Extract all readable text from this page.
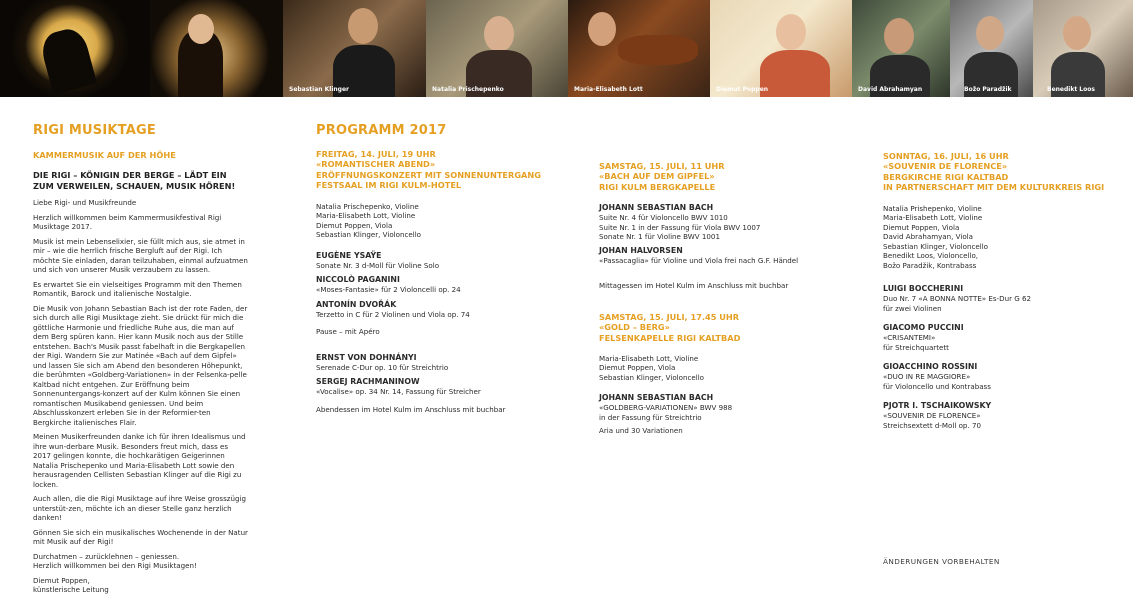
Sebastian Klinger	Natalia Prischepenko	Maria-Elisabeth Lott	Diemut Poppen	David Abrahamyan	Božo Paradžik	Benedikt Loos
RIGI MUSIKTAGE
KAMMERMUSIK AUF DER HÖHE
DIE RIGI – KÖNIGIN DER BERGE – LÄDT EIN ZUM VERWEILEN, SCHAUEN, MUSIK HÖREN!

Liebe Rigi- und Musikfreunde

Herzlich willkommen beim Kammermusikfestival Rigi Musiktage 2017.

Musik ist mein Lebenselixier, sie füllt mich aus, sie atmet in mir – wie die herrlich frische Bergluft auf der Rigi. Ich möchte Sie einladen, daran teilzuhaben, einmal aufzuatmen und sich von unserer Musik verzaubern zu lassen.

Es erwartet Sie ein vielseitiges Programm mit den Themen Romantik, Barock und italienische Nostalgie.

Die Musik von Johann Sebastian Bach ist der rote Faden, der sich durch alle Rigi Musiktage zieht. Sie drückt für mich die göttliche Harmonie und friedliche Ruhe aus, die man auf dem Berg spüren kann. Hier kann Musik noch aus der Stille entstehen. Bach's Musik passt fabelhaft in die Bergkapellen der Rigi. Wandern Sie zur Matinée «Bach auf dem Gipfel» und lassen Sie sich am Abend den besonderen Höhepunkt, die berühmten «Goldberg-Variationen» in der Felsenka-pelle Kaltbad nicht entgehen. Zur Eröffnung beim Sonnenuntergangs-konzert auf der Kulm können Sie einen romantischen Musikabend geniessen. Und beim Abschlusskonzert erleben Sie in der Reformier-ten Bergkirche italienisches Flair.

Meinen Musikerfreunden danke ich für ihren Idealismus und ihre wun-derbare Musik. Besonders freut mich, dass es 2017 gelingen konnte, die hochkarätigen Geigerinnen Natalia Prischepenko und Maria-Elisabeth Lott sowie den herausragenden Cellisten Sebastian Klinger auf die Rigi zu locken.

Auch allen, die die Rigi Musiktage auf ihre Weise grosszügig unterstüt-zen, möchte ich an dieser Stelle ganz herzlich danken!

Gönnen Sie sich ein musikalisches Wochenende in der Natur mit Musik auf der Rigi!

Durchatmen – zurücklehnen – geniessen.
Herzlich willkommen bei den Rigi Musiktagen!

Diemut Poppen,
künstlerische Leitung

PROGRAMM 2017
FREITAG, 14. JULI, 19 UHR
«ROMANTISCHER ABEND»
ERÖFFNUNGSKONZERT MIT SONNENUNTERGANG
FESTSAAL IM RIGI KULM-HOTEL
Natalia Prischepenko, Violine
Maria-Elisabeth Lott, Violine
Diemut Poppen, Viola
Sebastian Klinger, Violoncello
EUGÈNE YSAŸE
Sonate Nr. 3 d-Moll für Violine Solo
NICCOLÒ PAGANINI
«Moses-Fantasie» für 2 Violoncelli op. 24
ANTONÍN DVOŘÁK
Terzetto in C für 2 Violinen und Viola op. 74
Pause – mit Apéro
ERNST VON DOHNÁNYI
Serenade C-Dur op. 10 für Streichtrio
SERGEJ RACHMANINOW
«Vocalise» op. 34 Nr. 14, Fassung für Streicher
Abendessen im Hotel Kulm im Anschluss mit buchbar
SAMSTAG, 15. JULI, 11 UHR
«BACH AUF DEM GIPFEL»
RIGI KULM BERGKAPELLE
JOHANN SEBASTIAN BACH
Suite Nr. 4 für Violoncello BWV 1010
Suite Nr. 1 in der Fassung für Viola BWV 1007
Sonate Nr. 1 für Violine BWV 1001
JOHAN HALVORSEN
«Passacaglia» für Violine und Viola frei nach G.F. Händel
Mittagessen im Hotel Kulm im Anschluss mit buchbar
SAMSTAG, 15. JULI, 17.45 UHR
«GOLD – BERG»
FELSENKAPELLE RIGI KALTBAD
Maria-Elisabeth Lott, Violine
Diemut Poppen, Viola
Sebastian Klinger, Violoncello
JOHANN SEBASTIAN BACH
«GOLDBERG-VARIATIONEN» BWV 988
in der Fassung für Streichtrio
Aria und 30 Variationen
SONNTAG, 16. JULI, 16 UHR
«SOUVENIR DE FLORENCE»
BERGKIRCHE RIGI KALTBAD
IN PARTNERSCHAFT MIT DEM KULTURKREIS RIGI
Natalia Prishepenko, Violine
Maria-Elisabeth Lott, Violine
Diemut Poppen, Viola
David Abrahamyan, Viola
Sebastian Klinger, Violoncello
Benedikt Loos, Violoncello,
Božo Paradžik, Kontrabass
LUIGI BOCCHERINI
Duo Nr. 7 «A BONNA NOTTE» Es-Dur G 62
für zwei Violinen
GIACOMO PUCCINI
«CRISANTEMI»
für Streichquartett
GIOACCHINO ROSSINI
«DUO IN RE MAGGIORE»
für Violoncello und Kontrabass
PJOTR I. TSCHAIKOWSKY
«SOUVENIR DE FLORENCE»
Streichsextett d-Moll op. 70
ÄNDERUNGEN VORBEHALTEN
